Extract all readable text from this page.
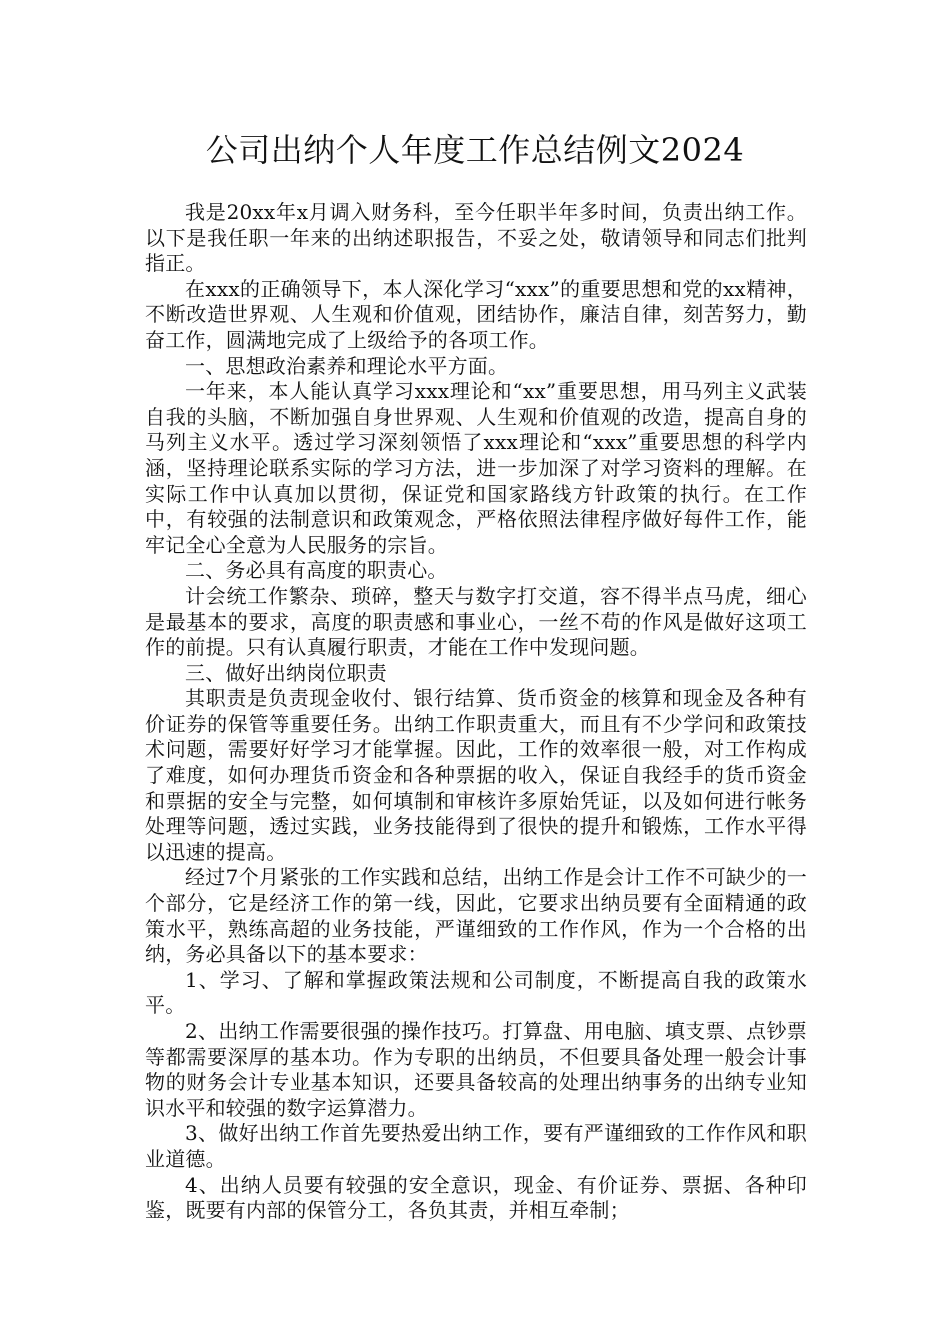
公司出纳个人年度工作总结例文2024

我是20xx年x月调入财务科，至今任职半年多时间，负责出纳工作。以下是我任职一年来的出纳述职报告，不妥之处，敬请领导和同志们批判指正。

在xxx的正确领导下，本人深化学习“xxx”的重要思想和党的xx精神，不断改造世界观、人生观和价值观，团结协作，廉洁自律，刻苦努力，勤奋工作，圆满地完成了上级给予的各项工作。

一、思想政治素养和理论水平方面。

一年来，本人能认真学习xxx理论和“xx”重要思想，用马列主义武装自我的头脑，不断加强自身世界观、人生观和价值观的改造，提高自身的马列主义水平。透过学习深刻领悟了xxx理论和“xxx”重要思想的科学内涵，坚持理论联系实际的学习方法，进一步加深了对学习资料的理解。在实际工作中认真加以贯彻，保证党和国家路线方针政策的执行。在工作中，有较强的法制意识和政策观念，严格依照法律程序做好每件工作，能牢记全心全意为人民服务的宗旨。

二、务必具有高度的职责心。

计会统工作繁杂、琐碎，整天与数字打交道，容不得半点马虎，细心是最基本的要求，高度的职责感和事业心，一丝不苟的作风是做好这项工作的前提。只有认真履行职责，才能在工作中发现问题。

三、做好出纳岗位职责

其职责是负责现金收付、银行结算、货币资金的核算和现金及各种有价证券的保管等重要任务。出纳工作职责重大，而且有不少学问和政策技术问题，需要好好学习才能掌握。因此，工作的效率很一般，对工作构成了难度，如何办理货币资金和各种票据的收入，保证自我经手的货币资金和票据的安全与完整，如何填制和审核许多原始凭证，以及如何进行帐务处理等问题，透过实践，业务技能得到了很快的提升和锻炼，工作水平得以迅速的提高。

经过7个月紧张的工作实践和总结，出纳工作是会计工作不可缺少的一个部分，它是经济工作的第一线，因此，它要求出纳员要有全面精通的政策水平，熟练高超的业务技能，严谨细致的工作作风，作为一个合格的出纳，务必具备以下的基本要求：

1、学习、了解和掌握政策法规和公司制度，不断提高自我的政策水平。

2、出纳工作需要很强的操作技巧。打算盘、用电脑、填支票、点钞票等都需要深厚的基本功。作为专职的出纳员，不但要具备处理一般会计事物的财务会计专业基本知识，还要具备较高的处理出纳事务的出纳专业知识水平和较强的数字运算潜力。

3、做好出纳工作首先要热爱出纳工作，要有严谨细致的工作作风和职业道德。

4、出纳人员要有较强的安全意识，现金、有价证券、票据、各种印鉴，既要有内部的保管分工，各负其责，并相互牵制；
